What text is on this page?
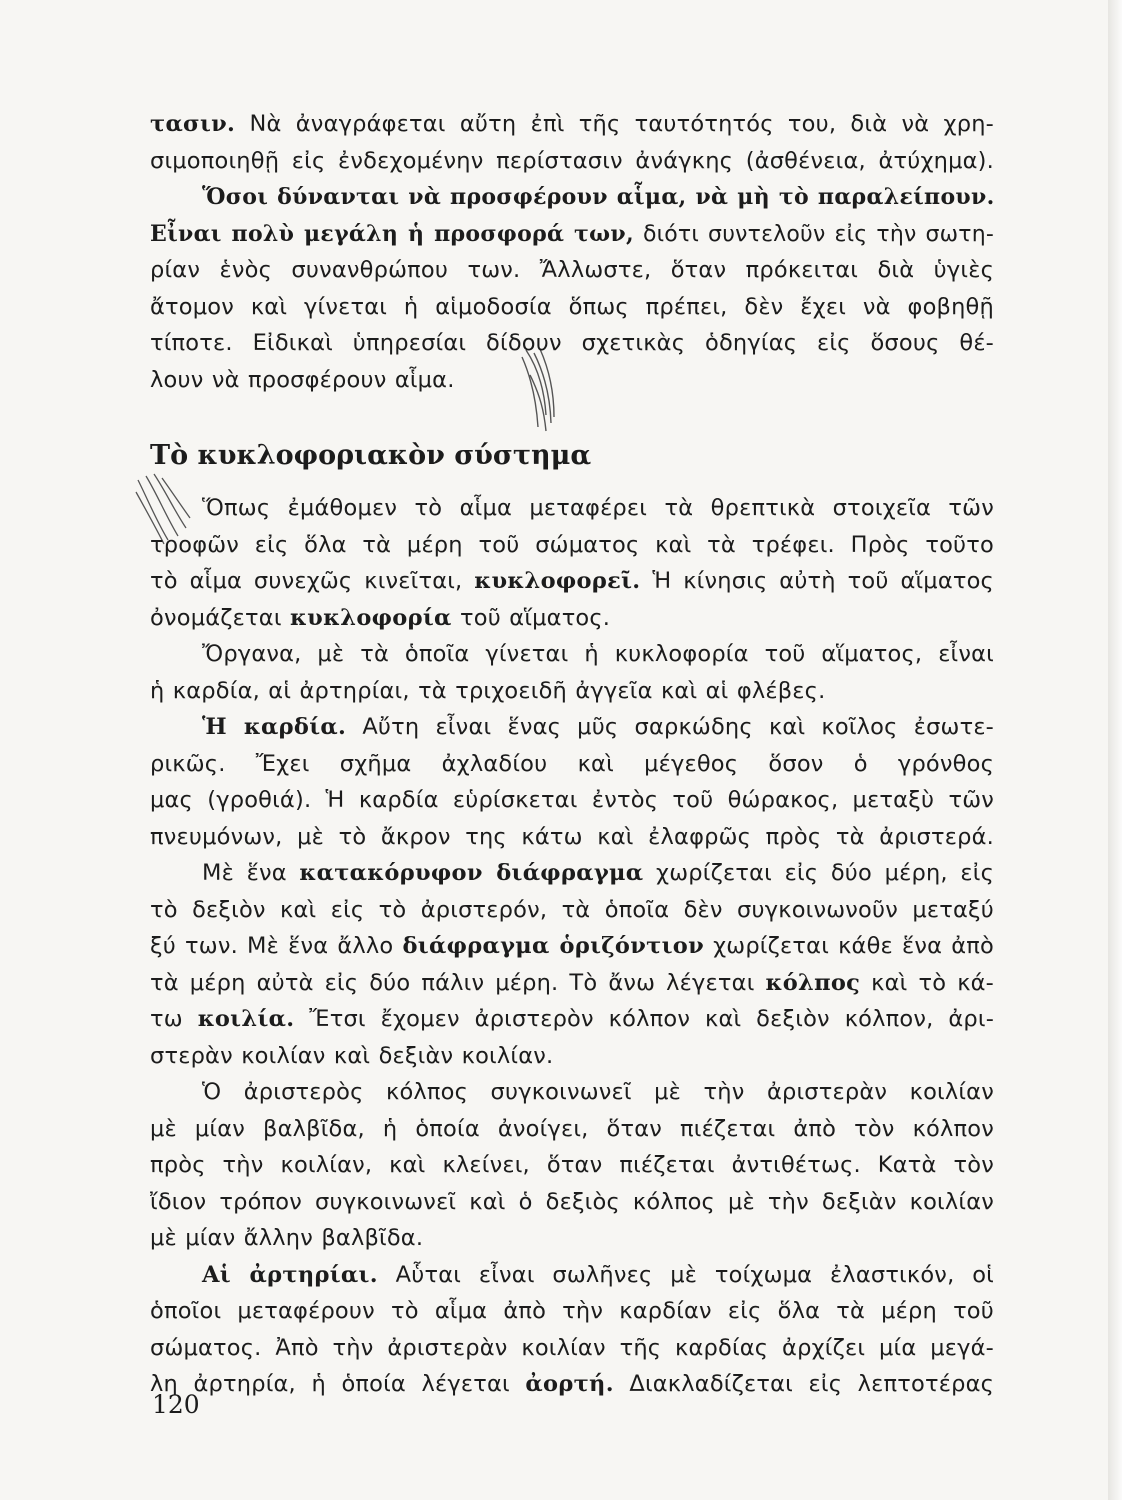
τασιν. Νὰ ἀναγράφεται αὔτη ἐπὶ τῆς ταυτότητός του, διὰ νὰ χρη-
σιμοποιηθῇ εἰς ἐνδεχομένην περίστασιν ἀνάγκης (ἀσθένεια, ἀτύχημα).
Ὅσοι δύνανται νὰ προσφέρουν αἷμα, νὰ μὴ τὸ παραλείπουν.
Εἶναι πολὺ μεγάλη ἡ προσφορά των, διότι συντελοῦν εἰς τὴν σωτη-
ρίαν ἑνὸς συνανθρώπου των. Ἄλλωστε, ὅταν πρόκειται διὰ ὑγιὲς
ἄτομον καὶ γίνεται ἡ αἱμοδοσία ὅπως πρέπει, δὲν ἔχει νὰ φοβηθῇ
τίποτε. Εἰδικαὶ ὑπηρεσίαι δίδουν σχετικὰς ὁδηγίας εἰς ὅσους θέ-
λουν νὰ προσφέρουν αἷμα.
Τὸ κυκλοφοριακὸν σύστημα
Ὅπως ἐμάθομεν τὸ αἷμα μεταφέρει τὰ θρεπτικὰ στοιχεῖα τῶν
τροφῶν εἰς ὅλα τὰ μέρη τοῦ σώματος καὶ τὰ τρέφει. Πρὸς τοῦτο
τὸ αἷμα συνεχῶς κινεῖται, κυκλοφορεῖ. Ἡ κίνησις αὐτὴ τοῦ αἵματος
ὀνομάζεται κυκλοφορία τοῦ αἵματος.
Ὄργανα, μὲ τὰ ὁποῖα γίνεται ἡ κυκλοφορία τοῦ αἵματος, εἶναι
ἡ καρδία, αἱ ἀρτηρίαι, τὰ τριχοειδῆ ἀγγεῖα καὶ αἱ φλέβες.
Ἡ καρδία. Αὔτη εἶναι ἕνας μῦς σαρκώδης καὶ κοῖλος ἐσωτε-
ρικῶς. Ἔχει σχῆμα ἀχλαδίου καὶ μέγεθος ὅσον ὁ γρόνθος
μας (γροθιά). Ἡ καρδία εὑρίσκεται ἐντὸς τοῦ θώρακος, μεταξὺ τῶν
πνευμόνων, μὲ τὸ ἄκρον της κάτω καὶ ἐλαφρῶς πρὸς τὰ ἀριστερά.
Μὲ ἕνα κατακόρυφον διάφραγμα χωρίζεται εἰς δύο μέρη, εἰς
τὸ δεξιὸν καὶ εἰς τὸ ἀριστερόν, τὰ ὁποῖα δὲν συγκοινωνοῦν μεταξύ
ξύ των. Μὲ ἕνα ἄλλο διάφραγμα ὁριζόντιον χωρίζεται κάθε ἕνα ἀπὸ
τὰ μέρη αὐτὰ εἰς δύο πάλιν μέρη. Τὸ ἄνω λέγεται κόλπος καὶ τὸ κά-
τω κοιλία. Ἔτσι ἔχομεν ἀριστερὸν κόλπον καὶ δεξιὸν κόλπον, ἀρι-
στερὰν κοιλίαν καὶ δεξιὰν κοιλίαν.
Ὁ ἀριστερὸς κόλπος συγκοινωνεῖ μὲ τὴν ἀριστερὰν κοιλίαν
μὲ μίαν βαλβῖδα, ἡ ὁποία ἀνοίγει, ὅταν πιέζεται ἀπὸ τὸν κόλπον
πρὸς τὴν κοιλίαν, καὶ κλείνει, ὅταν πιέζεται ἀντιθέτως. Κατὰ τὸν
ἴδιον τρόπον συγκοινωνεῖ καὶ ὁ δεξιὸς κόλπος μὲ τὴν δεξιὰν κοιλίαν
μὲ μίαν ἄλλην βαλβῖδα.
Αἱ ἀρτηρίαι. Αὗται εἶναι σωλῆνες μὲ τοίχωμα ἐλαστικόν, οἱ
ὁποῖοι μεταφέρουν τὸ αἷμα ἀπὸ τὴν καρδίαν εἰς ὅλα τὰ μέρη τοῦ
σώματος. Ἀπὸ τὴν ἀριστερὰν κοιλίαν τῆς καρδίας ἀρχίζει μία μεγά-
λη ἀρτηρία, ἡ ὁποία λέγεται ἀορτή. Διακλαδίζεται εἰς λεπτοτέρας
120
